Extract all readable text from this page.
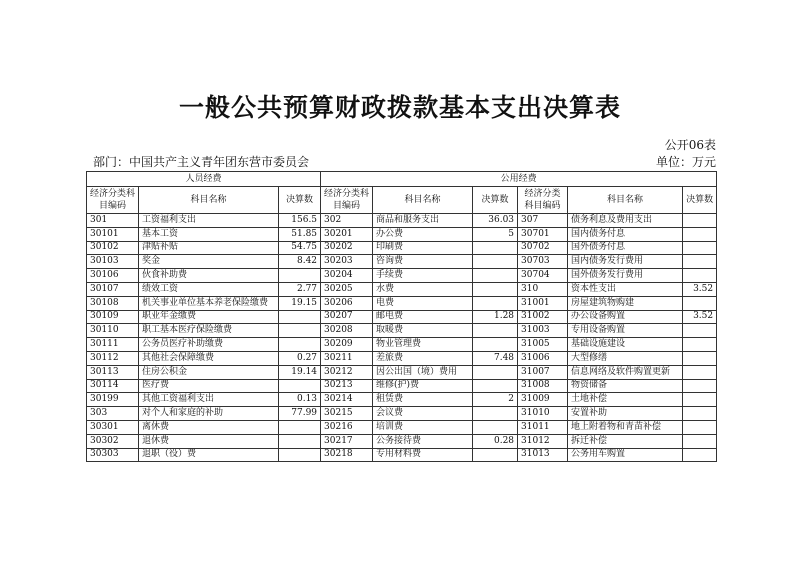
一般公共预算财政拨款基本支出决算表
公开06表
部门：中国共产主义青年团东营市委员会	单位：万元
人员经费			公用经费					
经济分类科目编码	科目名称	决算数	经济分类科目编码	科目名称	决算数	经济分类科目编码	科目名称	决算数
301	工资福利支出	156.5	302	商品和服务支出	36.03	307	债务利息及费用支出	
30101	基本工资	51.85	30201	办公费	5	30701	国内债务付息	
30102	津贴补贴	54.75	30202	印刷费		30702	国外债务付息	
30103	奖金	8.42	30203	咨询费		30703	国内债务发行费用	
30106	伙食补助费		30204	手续费		30704	国外债务发行费用	
30107	绩效工资	2.77	30205	水费		310	资本性支出	3.52
30108	机关事业单位基本养老保险缴费	19.15	30206	电费		31001	房屋建筑物购建	
30109	职业年金缴费		30207	邮电费	1.28	31002	办公设备购置	3.52
30110	职工基本医疗保险缴费		30208	取暖费		31003	专用设备购置	
30111	公务员医疗补助缴费		30209	物业管理费		31005	基础设施建设	
30112	其他社会保障缴费	0.27	30211	差旅费	7.48	31006	大型修缮	
30113	住房公积金	19.14	30212	因公出国（境）费用		31007	信息网络及软件购置更新	
30114	医疗费		30213	维修(护)费		31008	物资储备	
30199	其他工资福利支出	0.13	30214	租赁费	2	31009	土地补偿	
303	对个人和家庭的补助	77.99	30215	会议费		31010	安置补助	
30301	离休费		30216	培训费		31011	地上附着物和青苗补偿	
30302	退休费		30217	公务接待费	0.28	31012	拆迁补偿	
30303	退职（役）费		30218	专用材料费		31013	公务用车购置	
